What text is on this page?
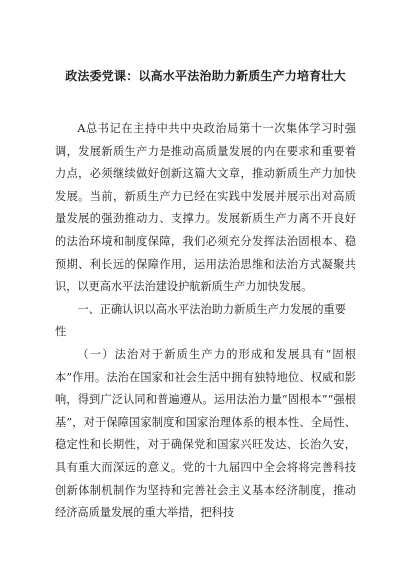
政法委党课：以高水平法治助力新质生产力培育壮大

A总书记在主持中共中央政治局第十一次集体学习时强调，发展新质生产力是推动高质量发展的内在要求和重要着力点，必须继续做好创新这篇大文章，推动新质生产力加快发展。当前，新质生产力已经在实践中发展并展示出对高质量发展的强劲推动力、支撑力。发展新质生产力离不开良好的法治环境和制度保障，我们必须充分发挥法治固根本、稳预期、利长远的保障作用，运用法治思维和法治方式凝聚共识，以更高水平法治建设护航新质生产力加快发展。

一、正确认识以高水平法治助力新质生产力发展的重要性

（一）法治对于新质生产力的形成和发展具有“固根本”作用。法治在国家和社会生活中拥有独特地位、权威和影响，得到广泛认同和普遍遵从。运用法治力量“固根本”“强根基”，对于保障国家制度和国家治理体系的根本性、全局性、稳定性和长期性，对于确保党和国家兴旺发达、长治久安，具有重大而深远的意义。党的十九届四中全会将将完善科技创新体制机制作为坚持和完善社会主义基本经济制度，推动经济高质量发展的重大举措，把科技
